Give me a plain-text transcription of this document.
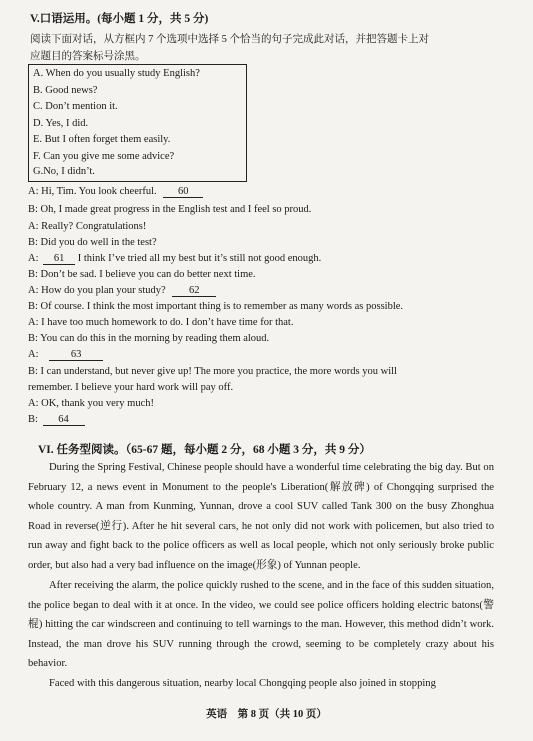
V.口语运用。(每小题 1 分，共 5 分)
阅读下面对话，从方框内 7 个选项中选择 5 个恰当的句子完成此对话，并把答题卡上对
应题目的答案标号涂黑。
A. When do you usually study English?
B. Good news?
C. Don’t mention it.
D. Yes, I did.
E. But I often forget them easily.
F. Can you give me some advice?
G.No, I didn’t.
A: Hi, Tim. You look cheerful. 60
B: Oh, I made great progress in the English test and I feel so proud.
A: Really? Congratulations!
B: Did you do well in the test?
A: 61 I think I’ve tried all my best but it’s still not good enough.
B: Don’t be sad. I believe you can do better next time.
A: How do you plan your study? 62
B: Of course. I think the most important thing is to remember as many words as possible.
A: I have too much homework to do. I don’t have time for that.
B: You can do this in the morning by reading them aloud.
A:	63
B: I can understand, but never give up! The more you practice, the more words you will
remember. I believe your hard work will pay off.
A: OK, thank you very much!
B: 64
VI. 任务型阅读。（65-67 题，每小题 2 分，68 小题 3 分，共 9 分）
During the Spring Festival, Chinese people should have a wonderful time celebrating the big day. But on February 12, a news event in Monument to the people's Liberation(解放碑) of Chongqing surprised the whole country. A man from Kunming, Yunnan, drove a cool SUV called Tank 300 on the busy Zhonghua Road in reverse(逆行). After he hit several cars, he not only did not work with policemen, but also tried to run away and fight back to the police officers as well as local people, which not only seriously broke public order, but also had a very bad influence on the image(形象) of Yunnan people.
After receiving the alarm, the police quickly rushed to the scene, and in the face of this sudden situation, the police began to deal with it at once. In the video, we could see police officers holding electric batons(警棍) hitting the car windscreen and continuing to tell warnings to the man. However, this method didn’t work. Instead, the man drove his SUV running through the crowd, seeming to be completely crazy about his behavior.
Faced with this dangerous situation, nearby local Chongqing people also joined in stopping
英语　第 8 页（共 10 页）
